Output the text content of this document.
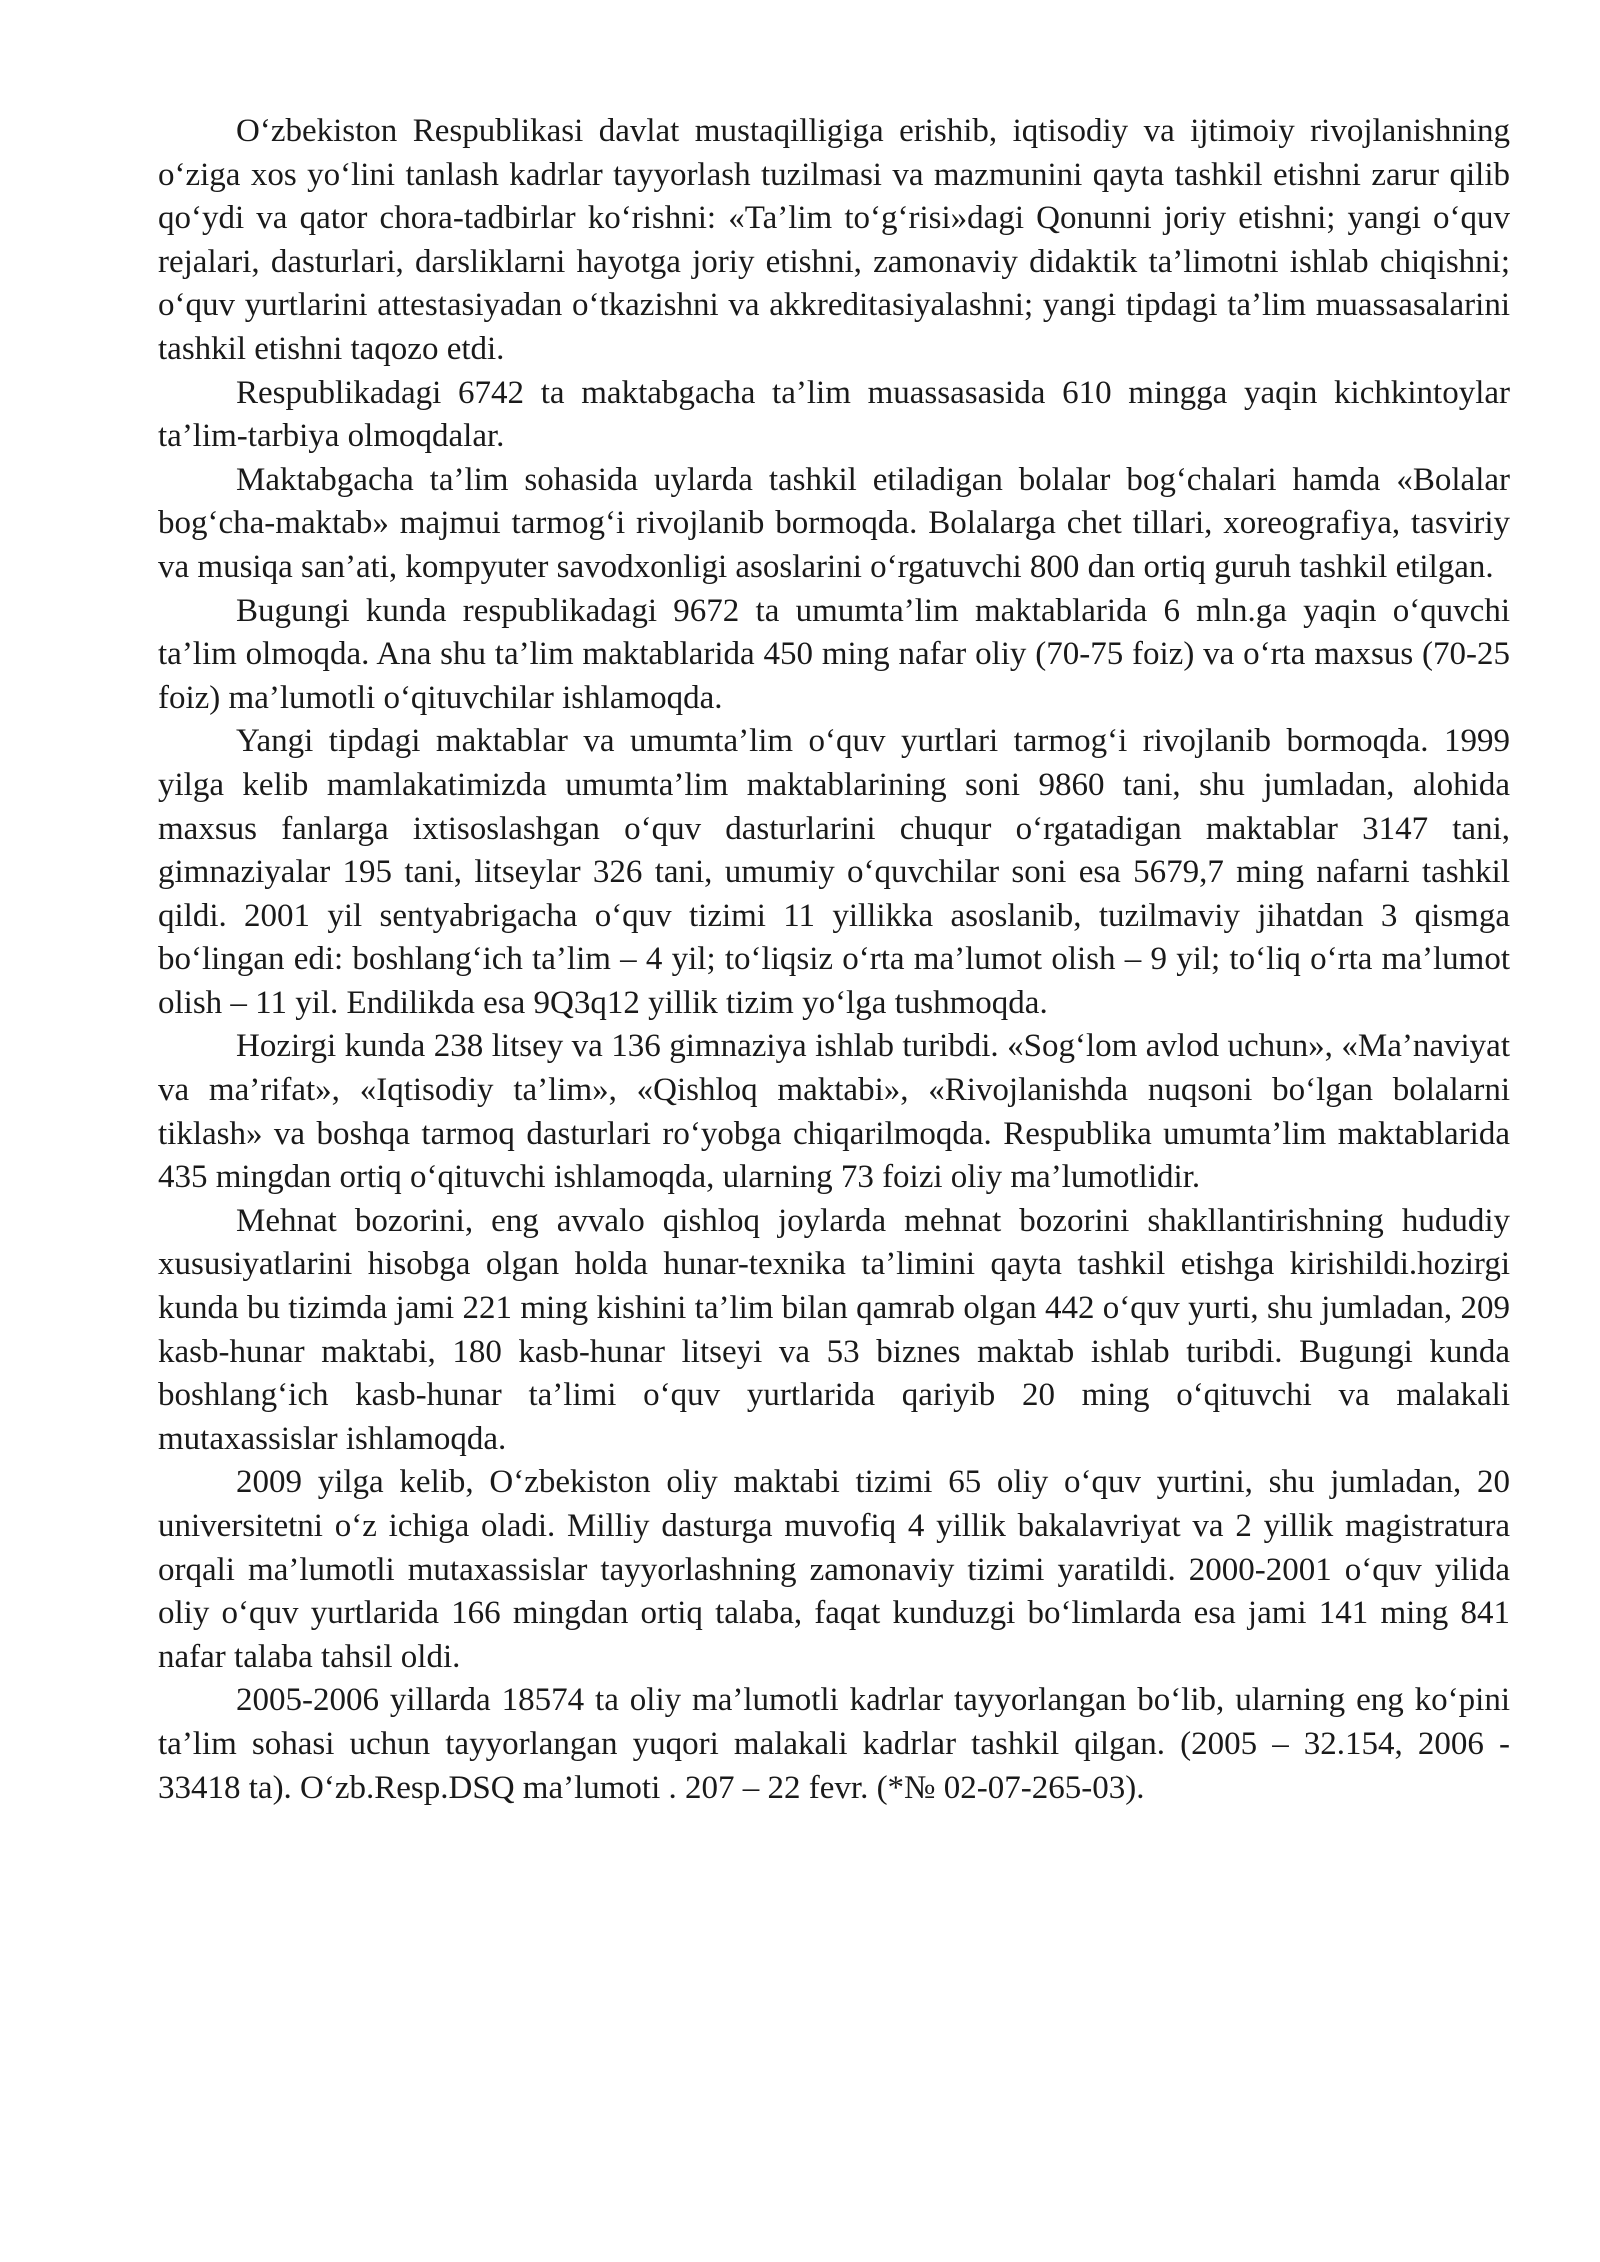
O‘zbekiston Respublikasi davlat mustaqilligiga erishib, iqtisodiy va ijtimoiy rivojlanishning o‘ziga xos yo‘lini tanlash kadrlar tayyorlash tuzilmasi va mazmunini qayta tashkil etishni zarur qilib qo‘ydi va qator chora-tadbirlar ko‘rishni: «Ta’lim to‘g‘risi»dagi Qonunni joriy etishni; yangi o‘quv rejalari, dasturlari, darsliklarni hayotga joriy etishni, zamonaviy didaktik ta’limotni ishlab chiqishni; o‘quv yurtlarini attestasiyadan o‘tkazishni va akkreditasiyalashni; yangi tipdagi ta’lim muassasalarini tashkil etishni taqozo etdi.

Respublikadagi 6742 ta maktabgacha ta’lim muassasasida 610 mingga yaqin kichkintoylar ta’lim-tarbiya olmoqdalar.

Maktabgacha ta’lim sohasida uylarda tashkil etiladigan bolalar bog‘chalari hamda «Bolalar bog‘cha-maktab» majmui tarmog‘i rivojlanib bormoqda. Bolalarga chet tillari, xoreografiya, tasviriy va musiqa san’ati, kompyuter savodxonligi asoslarini o‘rgatuvchi 800 dan ortiq guruh tashkil etilgan.

Bugungi kunda respublikadagi 9672 ta umumta’lim maktablarida 6 mln.ga yaqin o‘quvchi ta’lim olmoqda. Ana shu ta’lim maktablarida 450 ming nafar oliy (70-75 foiz) va o‘rta maxsus (70-25 foiz) ma’lumotli o‘qituvchilar ishlamoqda.

Yangi tipdagi maktablar va umumta’lim o‘quv yurtlari tarmog‘i rivojlanib bormoqda. 1999 yilga kelib mamlakatimizda umumta’lim maktablarining soni 9860 tani, shu jumladan, alohida maxsus fanlarga ixtisoslashgan o‘quv dasturlarini chuqur o‘rgatadigan maktablar 3147 tani, gimnaziyalar 195 tani, litseylar 326 tani, umumiy o‘quvchilar soni esa 5679,7 ming nafarni tashkil qildi. 2001 yil sentyabrigacha o‘quv tizimi 11 yillikka asoslanib, tuzilmaviy jihatdan 3 qismga bo‘lingan edi: boshlang‘ich ta’lim – 4 yil; to‘liqsiz o‘rta ma’lumot olish – 9 yil; to‘liq o‘rta ma’lumot olish – 11 yil. Endilikda esa 9Q3q12 yillik tizim yo‘lga tushmoqda.

Hozirgi kunda 238 litsey va 136 gimnaziya ishlab turibdi. «Sog‘lom avlod uchun», «Ma’naviyat va ma’rifat», «Iqtisodiy ta’lim», «Qishloq maktabi», «Rivojlanishda nuqsoni bo‘lgan bolalarni tiklash» va boshqa tarmoq dasturlari ro‘yobga chiqarilmoqda. Respublika umumta’lim maktablarida 435 mingdan ortiq o‘qituvchi ishlamoqda, ularning 73 foizi oliy ma’lumotlidir.

Mehnat bozorini, eng avvalo qishloq joylarda mehnat bozorini shakllantirishning hududiy xususiyatlarini hisobga olgan holda hunar-texnika ta’limini qayta tashkil etishga kirishildi.hozirgi kunda bu tizimda jami 221 ming kishini ta’lim bilan qamrab olgan 442 o‘quv yurti, shu jumladan, 209 kasb-hunar maktabi, 180 kasb-hunar litseyi va 53 biznes maktab ishlab turibdi. Bugungi kunda boshlang‘ich kasb-hunar ta’limi o‘quv yurtlarida qariyib 20 ming o‘qituvchi va malakali mutaxassislar ishlamoqda.

2009 yilga kelib, O‘zbekiston oliy maktabi tizimi 65 oliy o‘quv yurtini, shu jumladan, 20 universitetni o‘z ichiga oladi. Milliy dasturga muvofiq 4 yillik bakalavriyat va 2 yillik magistratura orqali ma’lumotli mutaxassislar tayyorlashning zamonaviy tizimi yaratildi. 2000-2001 o‘quv yilida oliy o‘quv yurtlarida 166 mingdan ortiq talaba, faqat kunduzgi bo‘limlarda esa jami 141 ming 841 nafar talaba tahsil oldi.

2005-2006 yillarda 18574 ta oliy ma’lumotli kadrlar tayyorlangan bo‘lib, ularning eng ko‘pini ta’lim sohasi uchun tayyorlangan yuqori malakali kadrlar tashkil qilgan. (2005 – 32.154, 2006 - 33418 ta). O‘zb.Resp.DSQ ma’lumoti . 207 – 22 fevr. (*№ 02-07-265-03).
